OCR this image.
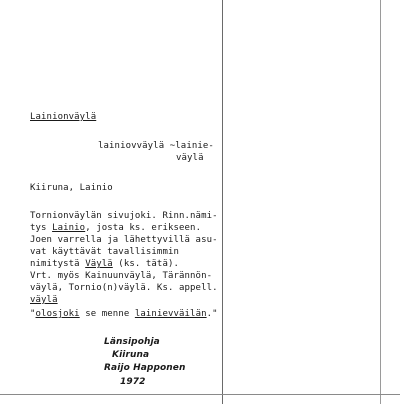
Lainionväylä
lainiovväylä ~lainie-
väylä
Kiiruna, Lainio
Tornionväylän sivujoki. Rinn.nämi-
tys Lainio, josta ks. erikseen.
Joen varrella ja lähettyvillä asu-
vat käyttävät tavallisimmin
nimitystä Väylä (ks. tätä).
Vrt. myös Kainuunväylä, Tärännön-
väylä, Tornio(n)väylä. Ks. appell.
väylä
"olosjoki se menne lainievväilän."
Länsipohja
Kiiruna
Raijo Happonen
1972
